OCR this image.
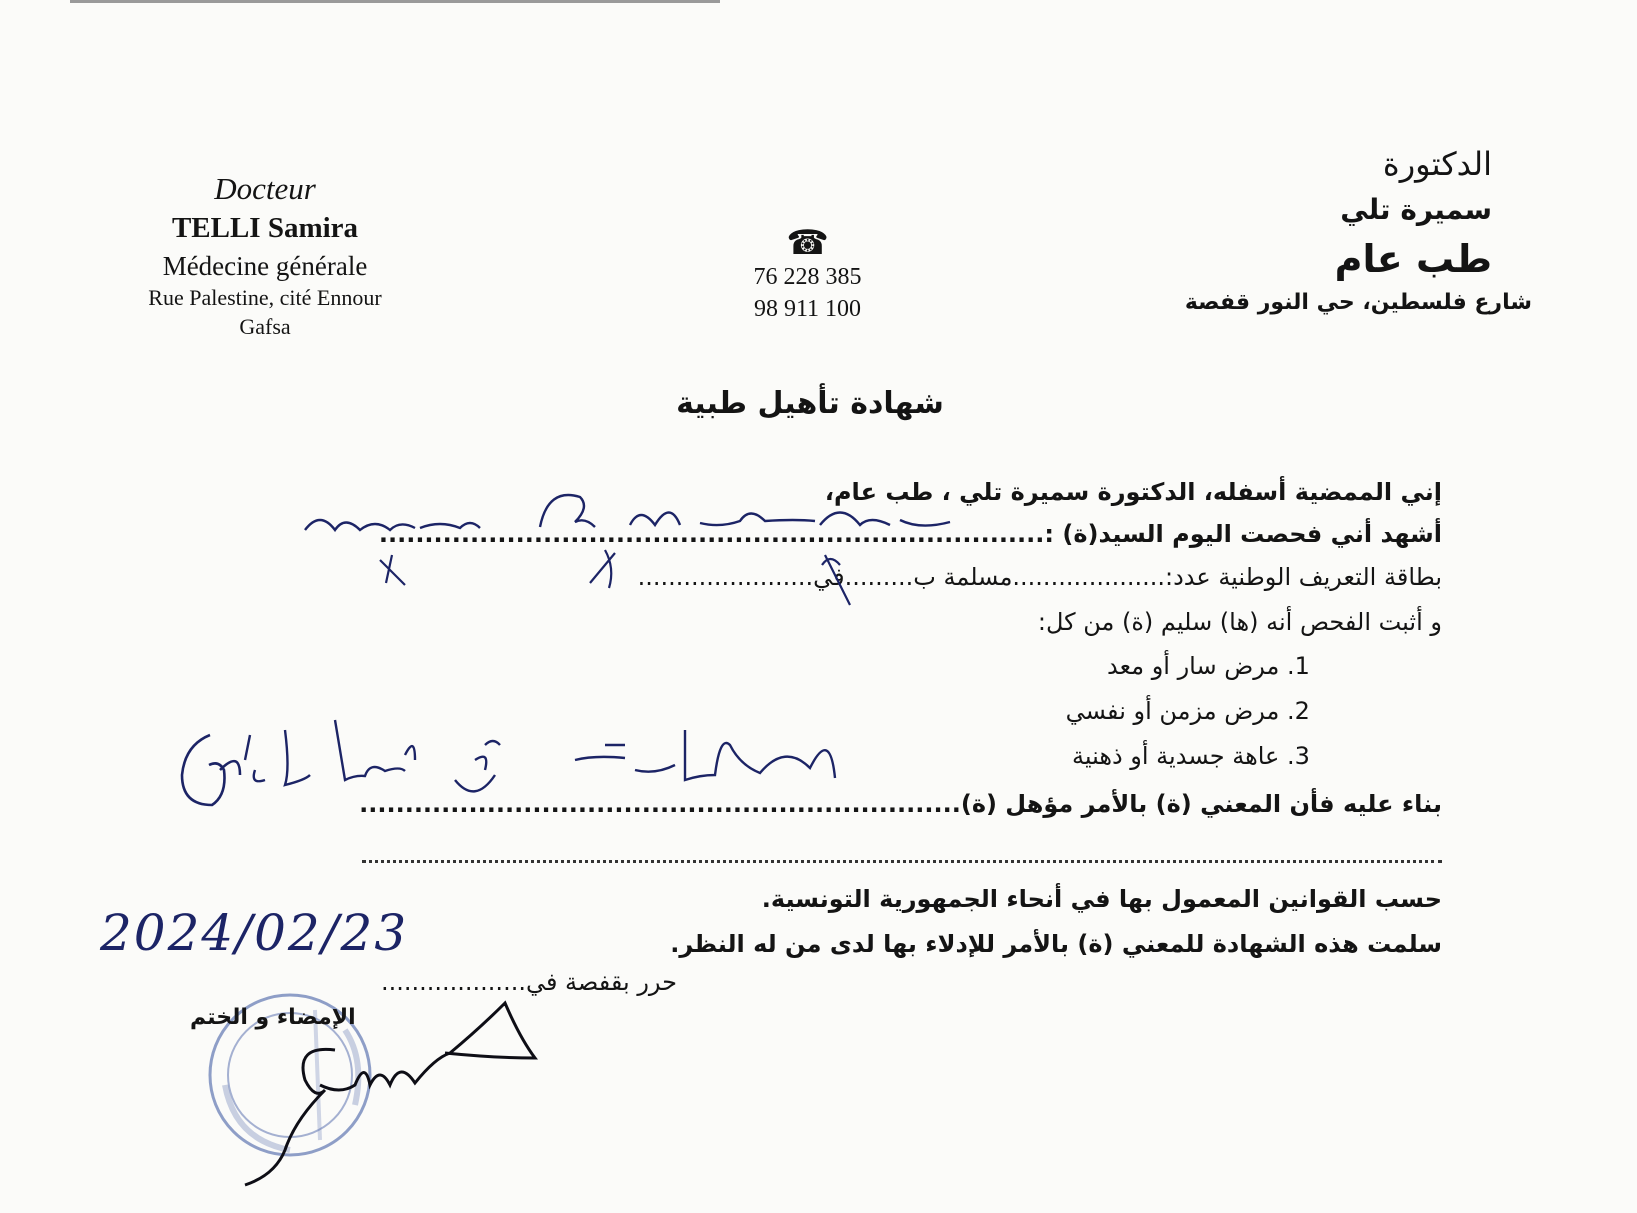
Docteur
TELLI Samira
Médecine générale
Rue Palestine, cité Ennour
Gafsa
☎
76 228 385
98 911 100
الدكتورة
سميرة تلي
طب عام
شارع فلسطين، حي النور قفصة
شهادة تأهيل طبية
إني الممضية أسفله، الدكتورة سميرة تلي ، طب عام،
أشهد أني فحصت اليوم السيد(ة) :.........................................................................
بطاقة التعريف الوطنية عدد:....................مسلمة ب.........في.......................
و أثبت الفحص أنه (ها) سليم (ة) من كل:
1. مرض سار أو معد
2. مرض مزمن أو نفسي
3. عاهة جسدية أو ذهنية
بناء عليه فأن المعني (ة) بالأمر مؤهل (ة)..................................................................
حسب القوانين المعمول بها في أنحاء الجمهورية التونسية.
سلمت هذه الشهادة للمعني (ة) بالأمر للإدلاء بها لدى من له النظر.
حرر بقفصة في...................
الإمضاء و الختم
2024/02/23
